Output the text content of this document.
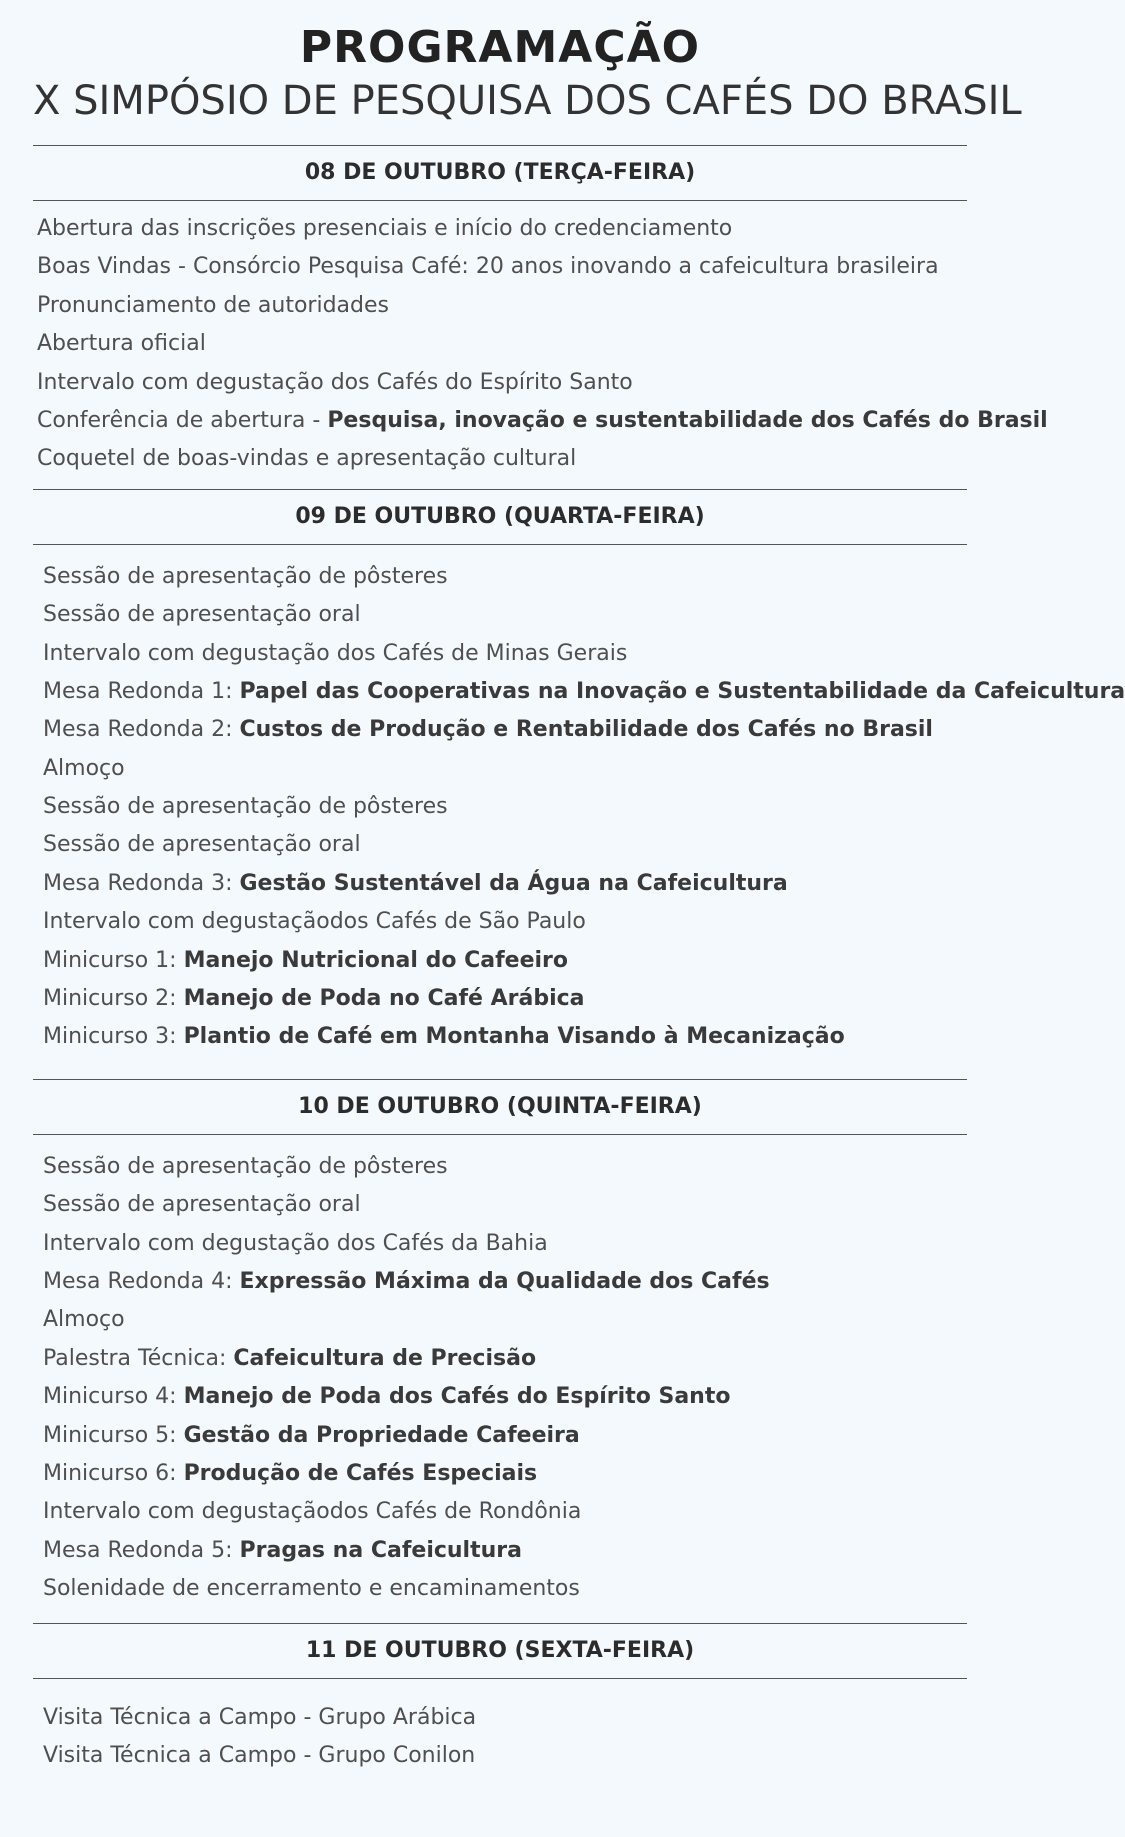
PROGRAMAÇÃO
X SIMPÓSIO DE PESQUISA DOS CAFÉS DO BRASIL
08 DE OUTUBRO (TERÇA-FEIRA)
Abertura das inscrições presenciais e início do credenciamento
Boas Vindas - Consórcio Pesquisa Café: 20 anos inovando a cafeicultura brasileira
Pronunciamento de autoridades
Abertura oficial
Intervalo com degustação dos Cafés do Espírito Santo
Conferência de abertura - Pesquisa, inovação e sustentabilidade dos Cafés do Brasil
Coquetel de boas-vindas e apresentação cultural
09 DE OUTUBRO (QUARTA-FEIRA)
Sessão de apresentação de pôsteres
Sessão de apresentação oral
Intervalo com degustação dos Cafés de Minas Gerais
Mesa Redonda 1: Papel das Cooperativas na Inovação e Sustentabilidade da Cafeicultura
Mesa Redonda 2: Custos de Produção e Rentabilidade dos Cafés no Brasil
Almoço
Sessão de apresentação de pôsteres
Sessão de apresentação oral
Mesa Redonda 3: Gestão Sustentável da Água na Cafeicultura
Intervalo com degustaçãodos Cafés de São Paulo
Minicurso 1: Manejo Nutricional do Cafeeiro
Minicurso 2: Manejo de Poda no Café Arábica
Minicurso 3: Plantio de Café em Montanha Visando à Mecanização
10 DE OUTUBRO (QUINTA-FEIRA)
Sessão de apresentação de pôsteres
Sessão de apresentação oral
Intervalo com degustação dos Cafés da Bahia
Mesa Redonda 4: Expressão Máxima da Qualidade dos Cafés
Almoço
Palestra Técnica: Cafeicultura de Precisão
Minicurso 4: Manejo de Poda dos Cafés do Espírito Santo
Minicurso 5: Gestão da Propriedade Cafeeira
Minicurso 6: Produção de Cafés Especiais
Intervalo com degustaçãodos Cafés de Rondônia
Mesa Redonda 5: Pragas na Cafeicultura
Solenidade de encerramento e encaminamentos
11 DE OUTUBRO (SEXTA-FEIRA)
Visita Técnica a Campo - Grupo Arábica
Visita Técnica a Campo - Grupo Conilon
